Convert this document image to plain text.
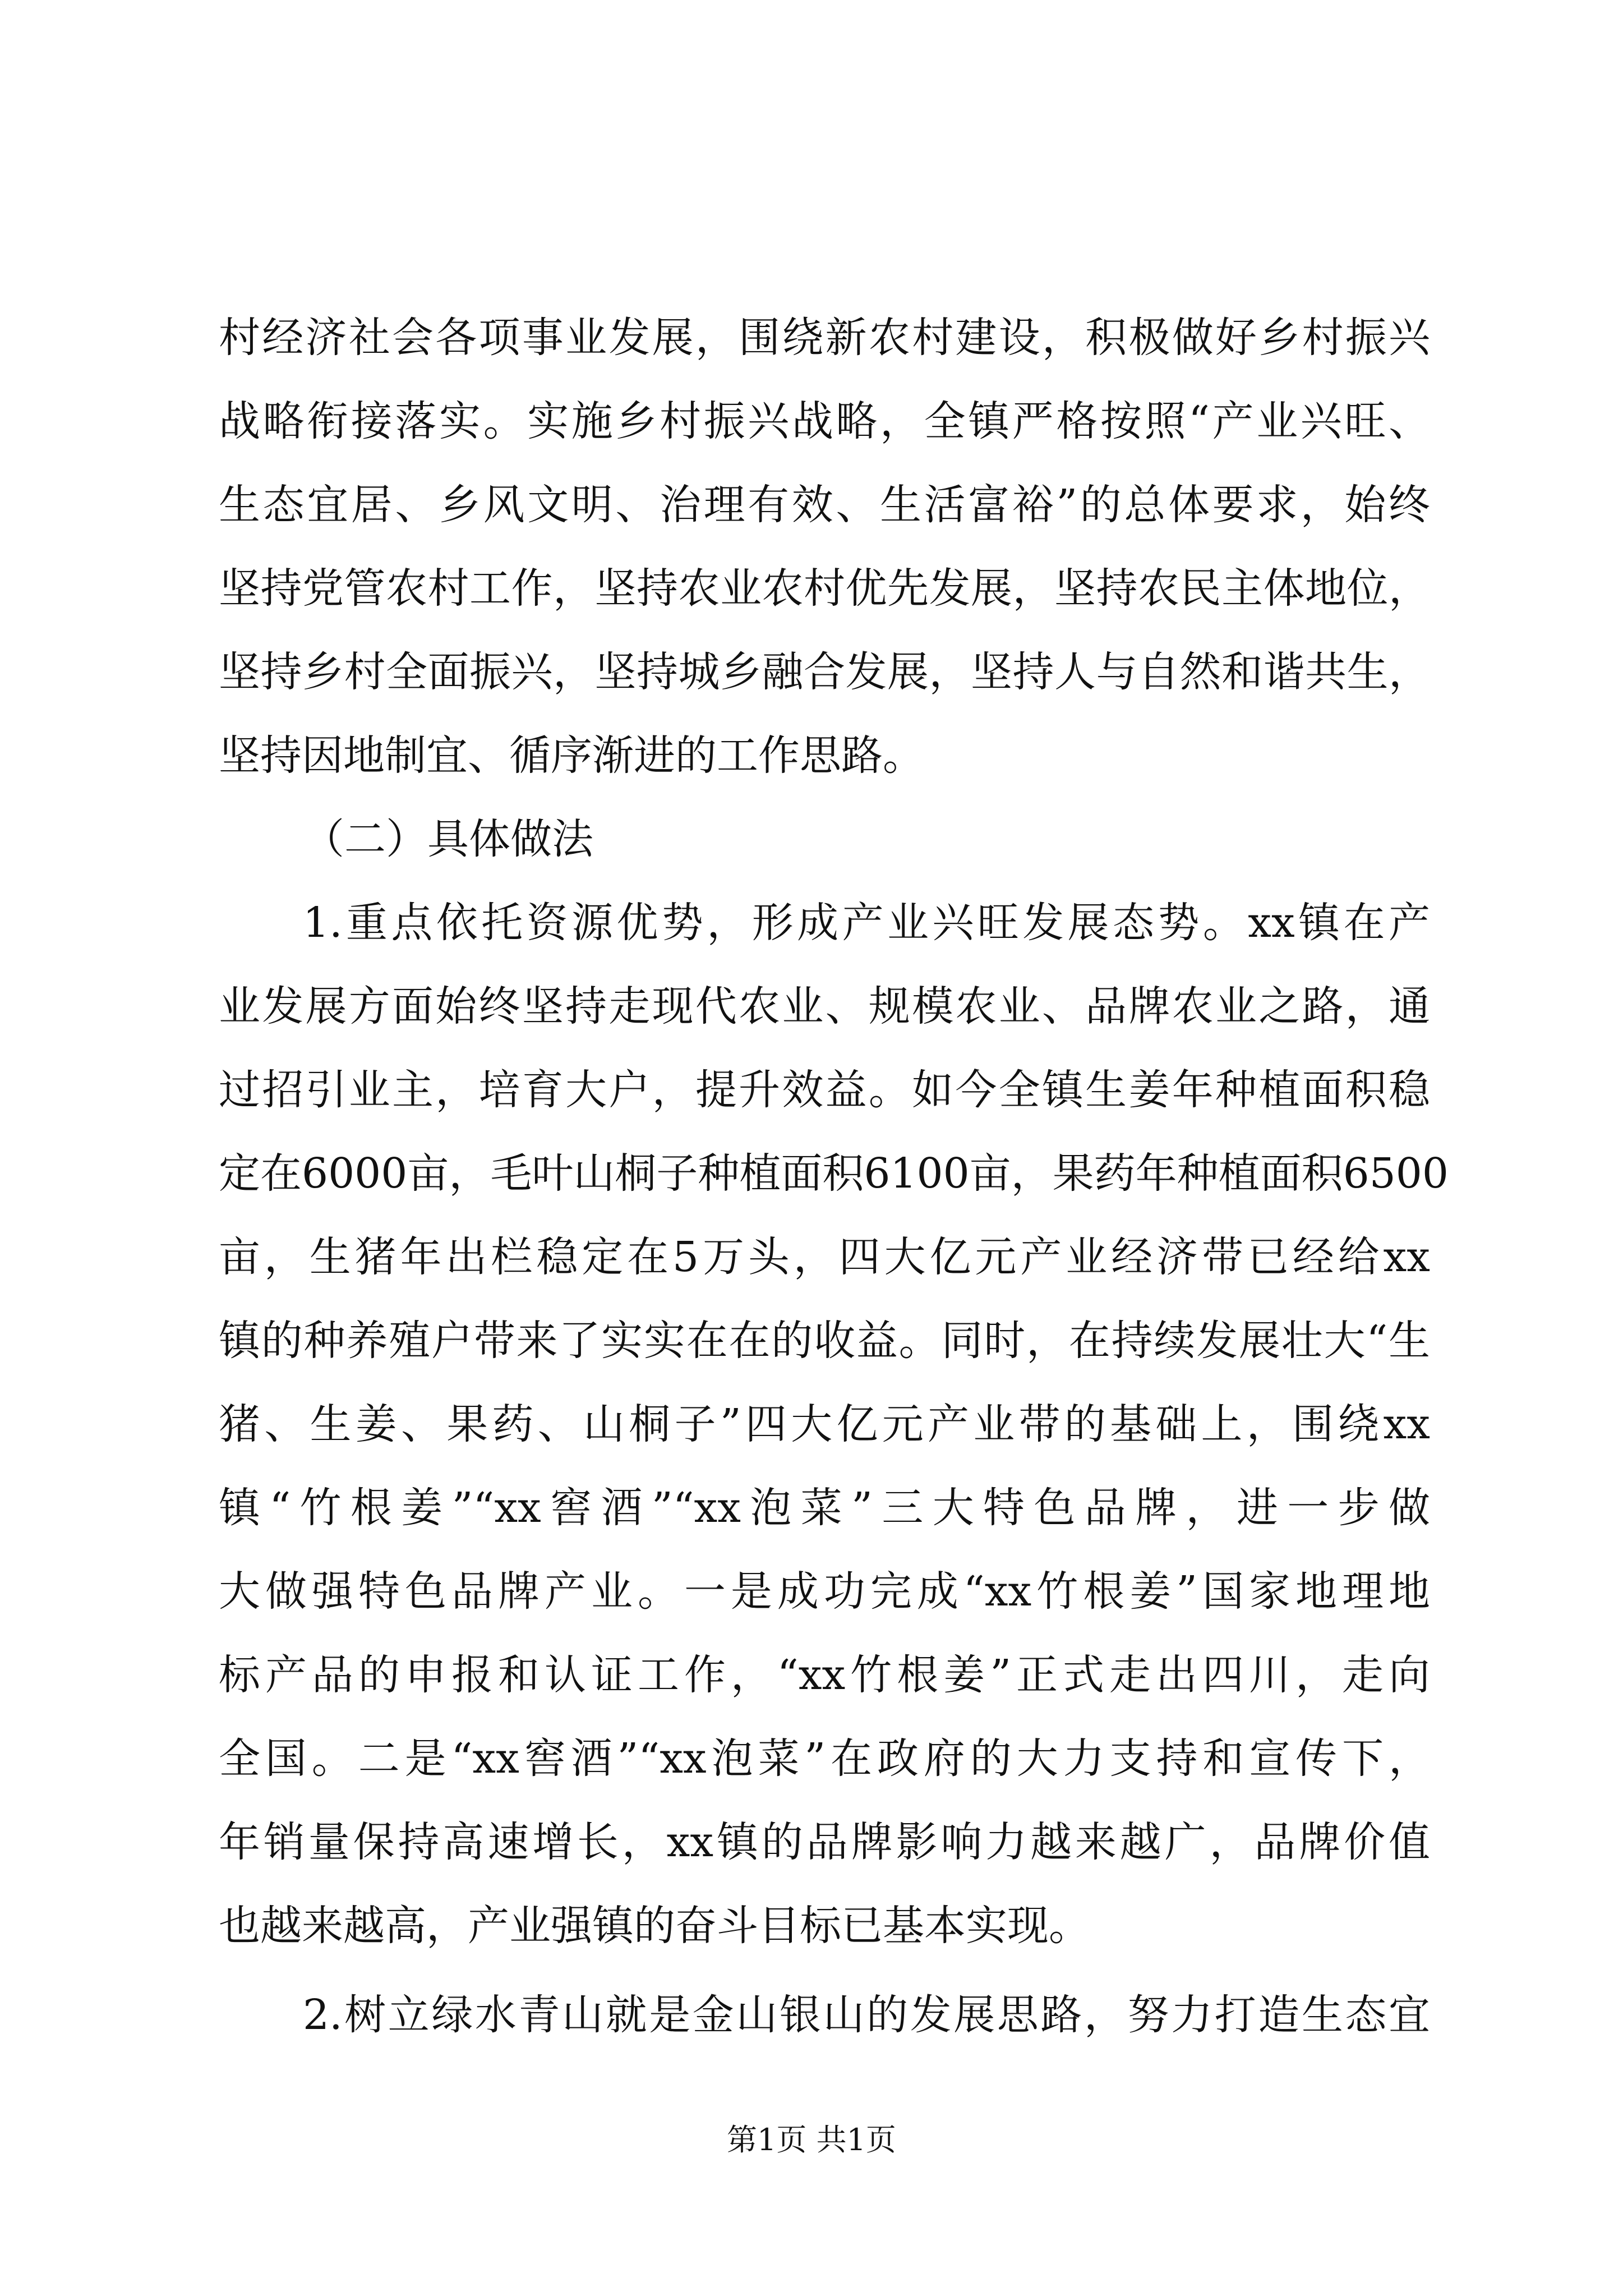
村经济社会各项事业发展，围绕新农村建设，积极做好乡村振兴
战略衔接落实。实施乡村振兴战略，全镇严格按照“产业兴旺、
生态宜居、乡风文明、治理有效、生活富裕”的总体要求，始终
坚持党管农村工作，坚持农业农村优先发展，坚持农民主体地位，
坚持乡村全面振兴，坚持城乡融合发展，坚持人与自然和谐共生，
坚持因地制宜、循序渐进的工作思路。
（二）具体做法
1.重点依托资源优势，形成产业兴旺发展态势。xx镇在产
业发展方面始终坚持走现代农业、规模农业、品牌农业之路，通
过招引业主，培育大户，提升效益。如今全镇生姜年种植面积稳
定在6000亩，毛叶山桐子种植面积6100亩，果药年种植面积6500
亩，生猪年出栏稳定在5万头，四大亿元产业经济带已经给xx
镇的种养殖户带来了实实在在的收益。同时，在持续发展壮大“生
猪、生姜、果药、山桐子”四大亿元产业带的基础上，围绕xx
镇“竹根姜”“xx窖酒”“xx泡菜”三大特色品牌，进一步做
大做强特色品牌产业。一是成功完成“xx竹根姜”国家地理地
标产品的申报和认证工作，“xx竹根姜”正式走出四川，走向
全国。二是“xx窖酒”“xx泡菜”在政府的大力支持和宣传下，
年销量保持高速增长，xx镇的品牌影响力越来越广，品牌价值
也越来越高，产业强镇的奋斗目标已基本实现。
2.树立绿水青山就是金山银山的发展思路，努力打造生态宜
第1页 共1页
